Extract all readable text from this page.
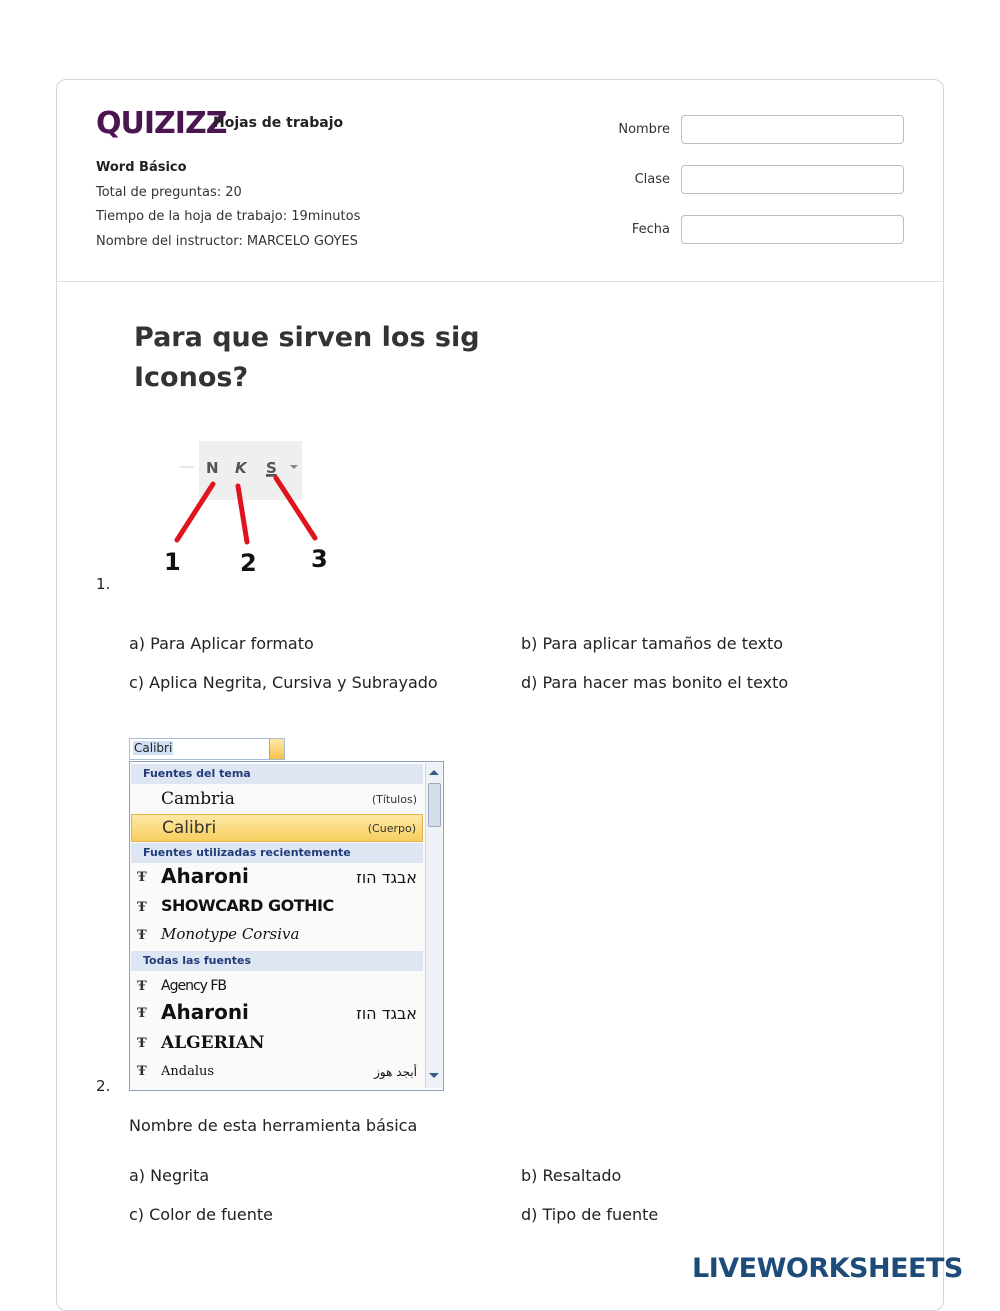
QUIZIZZ
Hojas de trabajo
Word Básico
Total de preguntas: 20
Tiempo de la hoja de trabajo: 19minutos
Nombre del instructor: MARCELO GOYES
Nombre
Clase
Fecha
Para que sirven los sig
Iconos?
N K S
1 2 3
1.
a) Para Aplicar formato	b) Para aplicar tamaños de texto
c) Aplica Negrita, Cursiva y Subrayado	d) Para hacer mas bonito el texto
Calibri
Fuentes del tema
Cambria	(Títulos)
Calibri	(Cuerpo)
Fuentes utilizadas recientemente
Ŧ Aharoni	אבגד הוז
Ŧ SHOWCARD GOTHIC
Ŧ Monotype Corsiva
Todas las fuentes
Ŧ Agency FB
Ŧ Aharoni	אבגד הוז
Ŧ ALGERIAN
Ŧ Andalus	أبجد هوز
2.
Nombre de esta herramienta básica
a) Negrita	b) Resaltado
c) Color de fuente	d) Tipo de fuente
LIVEWORKSHEETS
